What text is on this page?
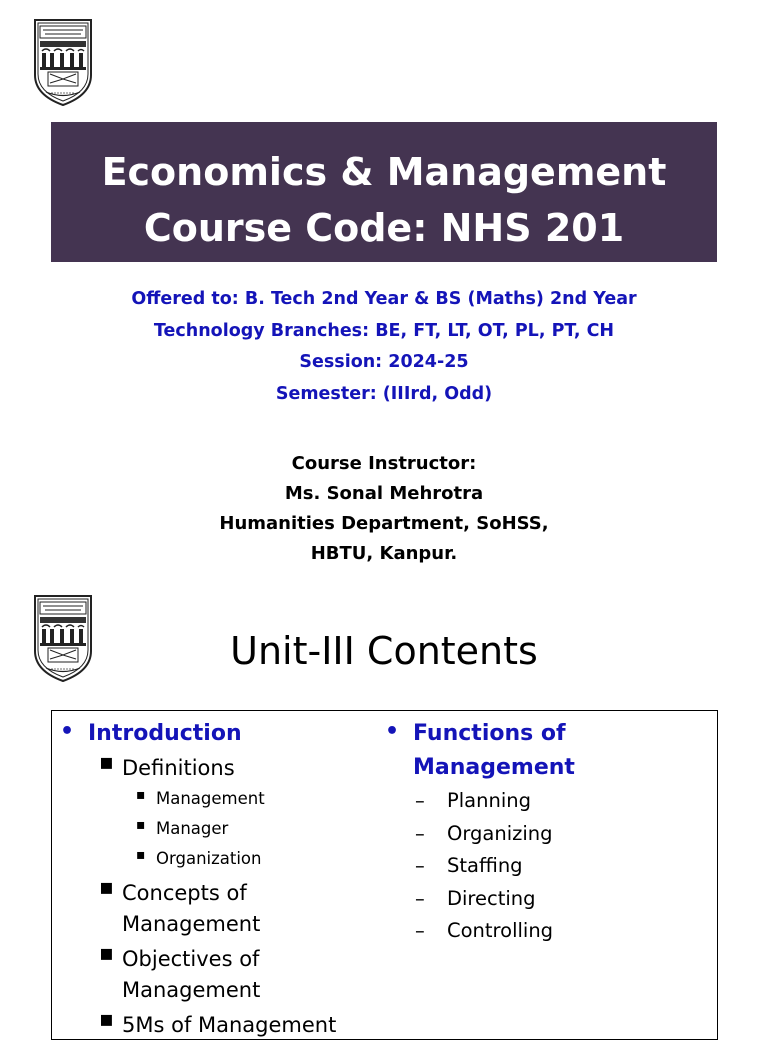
Economics & Management
Course Code: NHS 201
Offered to: B. Tech 2nd Year & BS (Maths) 2nd Year
Technology Branches: BE, FT, LT, OT, PL, PT, CH
Session: 2024-25
Semester: (IIIrd, Odd)
Course Instructor:
Ms. Sonal Mehrotra
Humanities Department, SoHSS,
HBTU, Kanpur.
Unit-III Contents
• Introduction
▪ Definitions
▪ Management
▪ Manager
▪ Organization
▪ Concepts of
Management
▪ Objectives of
Management
▪ 5Ms of Management
• Functions of
Management
–	Planning
–	Organizing
–	Staffing
–	Directing
–	Controlling
